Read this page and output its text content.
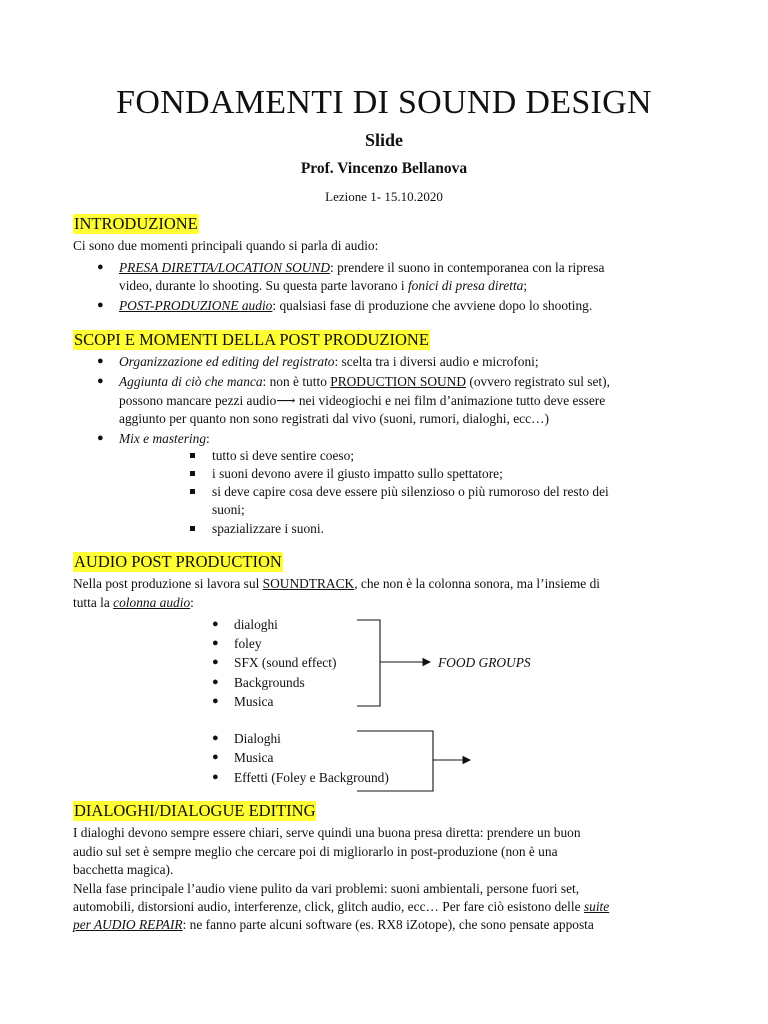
FONDAMENTI DI SOUND DESIGN
Slide
Prof. Vincenzo Bellanova
Lezione 1- 15.10.2020
INTRODUZIONE
Ci sono due momenti principali quando si parla di audio:
● PRESA DIRETTA/LOCATION SOUND: prendere il suono in contemporanea con la ripresa
video, durante lo shooting. Su questa parte lavorano i fonici di presa diretta;
● POST-PRODUZIONE audio: qualsiasi fase di produzione che avviene dopo lo shooting.
SCOPI E MOMENTI DELLA POST PRODUZIONE
● Organizzazione ed editing del registrato: scelta tra i diversi audio e microfoni;
● Aggiunta di ciò che manca: non è tutto PRODUCTION SOUND (ovvero registrato sul set),
possono mancare pezzi audio⟶ nei videogiochi e nei film d’animazione tutto deve essere
aggiunto per quanto non sono registrati dal vivo (suoni, rumori, dialoghi, ecc…)
● Mix e mastering:
tutto si deve sentire coeso;
i suoni devono avere il giusto impatto sullo spettatore;
si deve capire cosa deve essere più silenzioso o più rumoroso del resto dei
suoni;
spazializzare i suoni.
AUDIO POST PRODUCTION
Nella post produzione si lavora sul SOUNDTRACK, che non è la colonna sonora, ma l’insieme di
tutta la colonna audio:
● dialoghi
● foley
● SFX (sound effect)
● Backgrounds
● Musica
FOOD GROUPS
● Dialoghi
● Musica
● Effetti (Foley e Background)
DIALOGHI/DIALOGUE EDITING
I dialoghi devono sempre essere chiari, serve quindi una buona presa diretta: prendere un buon
audio sul set è sempre meglio che cercare poi di migliorarlo in post-produzione (non è una
bacchetta magica).
Nella fase principale l’audio viene pulito da vari problemi: suoni ambientali, persone fuori set,
automobili, distorsioni audio, interferenze, click, glitch audio, ecc… Per fare ciò esistono delle suite
per AUDIO REPAIR: ne fanno parte alcuni software (es. RX8 iZotope), che sono pensate apposta
